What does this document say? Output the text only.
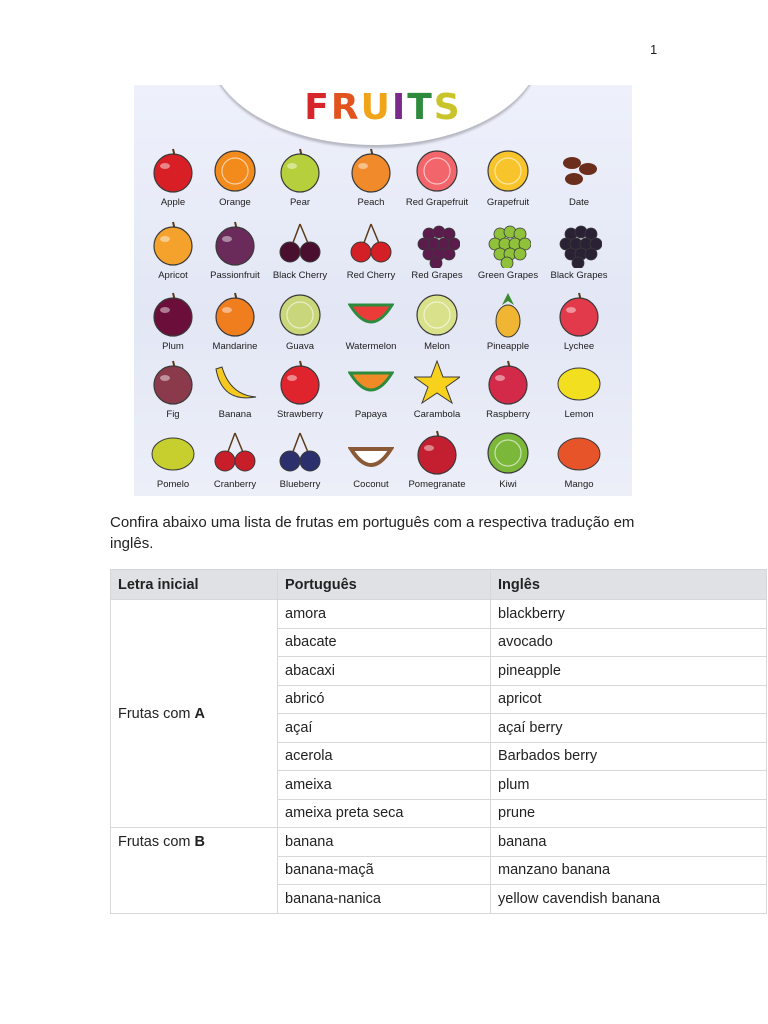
1
FRUITS
Apple	Orange	Pear	Peach	Red Grapefruit	Grapefruit	Date
Apricot	Passionfruit	Black Cherry	Red Cherry	Red Grapes	Green Grapes	Black Grapes
Plum	Mandarine	Guava	Watermelon	Melon	Pineapple	Lychee
Fig	Banana	Strawberry	Papaya	Carambola	Raspberry	Lemon
Pomelo	Cranberry	Blueberry	Coconut	Pomegranate	Kiwi	Mango
Confira abaixo uma lista de frutas em português com a respectiva tradução em inglês.
Letra inicial	Português	Inglês
Frutas com A	amora	blackberry
	abacate	avocado
	abacaxi	pineapple
	abricó	apricot
	açaí	açaí berry
	acerola	Barbados berry
	ameixa	plum
	ameixa preta seca	prune
Frutas com B	banana	banana
	banana-maçã	manzano banana
	banana-nanica	yellow cavendish banana
